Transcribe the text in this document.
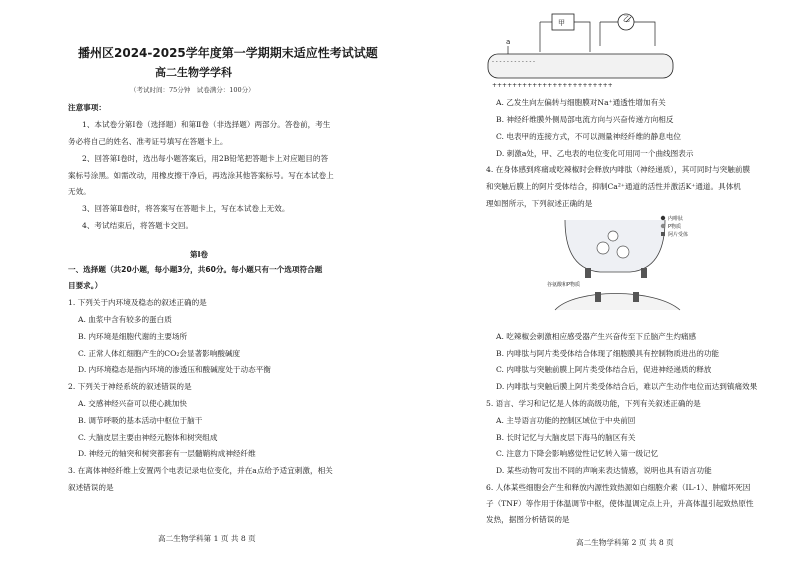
播州区2024-2025学年度第一学期期末适应性考试试题
高二生物学学科
（考试时间：75分钟　试卷满分：100分）
注意事项：
1、本试卷分第Ⅰ卷（选择题）和第Ⅱ卷（非选择题）两部分。答卷前，考生
务必将自己的姓名、准考证号填写在答题卡上。
2、回答第Ⅰ卷时，选出每小题答案后，用2B铅笔把答题卡上对应题目的答
案标号涂黑。如需改动，用橡皮擦干净后，再选涂其他答案标号。写在本试卷上
无效。
3、回答第Ⅱ卷时，将答案写在答题卡上，写在本试卷上无效。
4、考试结束后，将答题卡交回。
第Ⅰ卷
一、选择题（共20小题，每小题3分，共60分。每小题只有一个选项符合题
目要求。）
1. 下列关于内环境及稳态的叙述正确的是
A. 血浆中含有较多的蛋白质
B. 内环境是细胞代谢的主要场所
C. 正常人体红细胞产生的CO₂会显著影响酸碱度
D. 内环境稳态是指内环境的渗透压和酸碱度处于动态平衡
2. 下列关于神经系统的叙述错误的是
A. 交感神经兴奋可以使心跳加快
B. 调节呼吸的基本活动中枢位于脑干
C. 大脑皮层主要由神经元胞体和树突组成
D. 神经元的轴突和树突都套有一层髓鞘构成神经纤维
3. 在离体神经纤维上安置两个电表记录电位变化，并在a点给予适宜刺激，相关
叙述错误的是
高二生物学科第 1 页 共 8 页
甲	乙
a
- - - - - - - - - - - -
++++++++++++++++++++++++
A. 乙发生向左偏转与细胞膜对Na⁺通透性增加有关
B. 神经纤维膜外侧局部电流方向与兴奋传递方向相反
C. 电表甲的连接方式，不可以测量神经纤维的静息电位
D. 刺激a处，甲、乙电表的电位变化可用同一个曲线图表示
4. 在身体感到疼痛或吃辣椒时会释放内啡肽（神经递质），其可同时与突触前膜
和突触后膜上的阿片受体结合，抑制Ca²⁺通道的活性并激活K⁺通道。具体机
理如图所示，下列叙述正确的是
内啡肽
P物质
阿片受体
谷氨酸和P物质
A. 吃辣椒会刺激相应感受器产生兴奋传至下丘脑产生灼痛感
B. 内啡肽与阿片类受体结合体现了细胞膜具有控制物质进出的功能
C. 内啡肽与突触前膜上阿片类受体结合后，促进神经递质的释放
D. 内啡肽与突触后膜上阿片类受体结合后，难以产生动作电位而达到镇痛效果
5. 语言、学习和记忆是人体的高级功能，下列有关叙述正确的是
A. 主导语言功能的控制区域位于中央前回
B. 长时记忆与大脑皮层下海马的脑区有关
C. 注意力下降会影响感觉性记忆转入第一级记忆
D. 某些动物可发出不同的声响来表达情感，说明也具有语言功能
6. 人体某些细胞会产生和释放内源性致热源如白细胞介素（IL-1）、肿瘤坏死因
子（TNF）等作用于体温调节中枢，使体温调定点上升，升高体温引起致热原性
发热，据图分析错误的是
高二生物学科第 2 页 共 8 页
